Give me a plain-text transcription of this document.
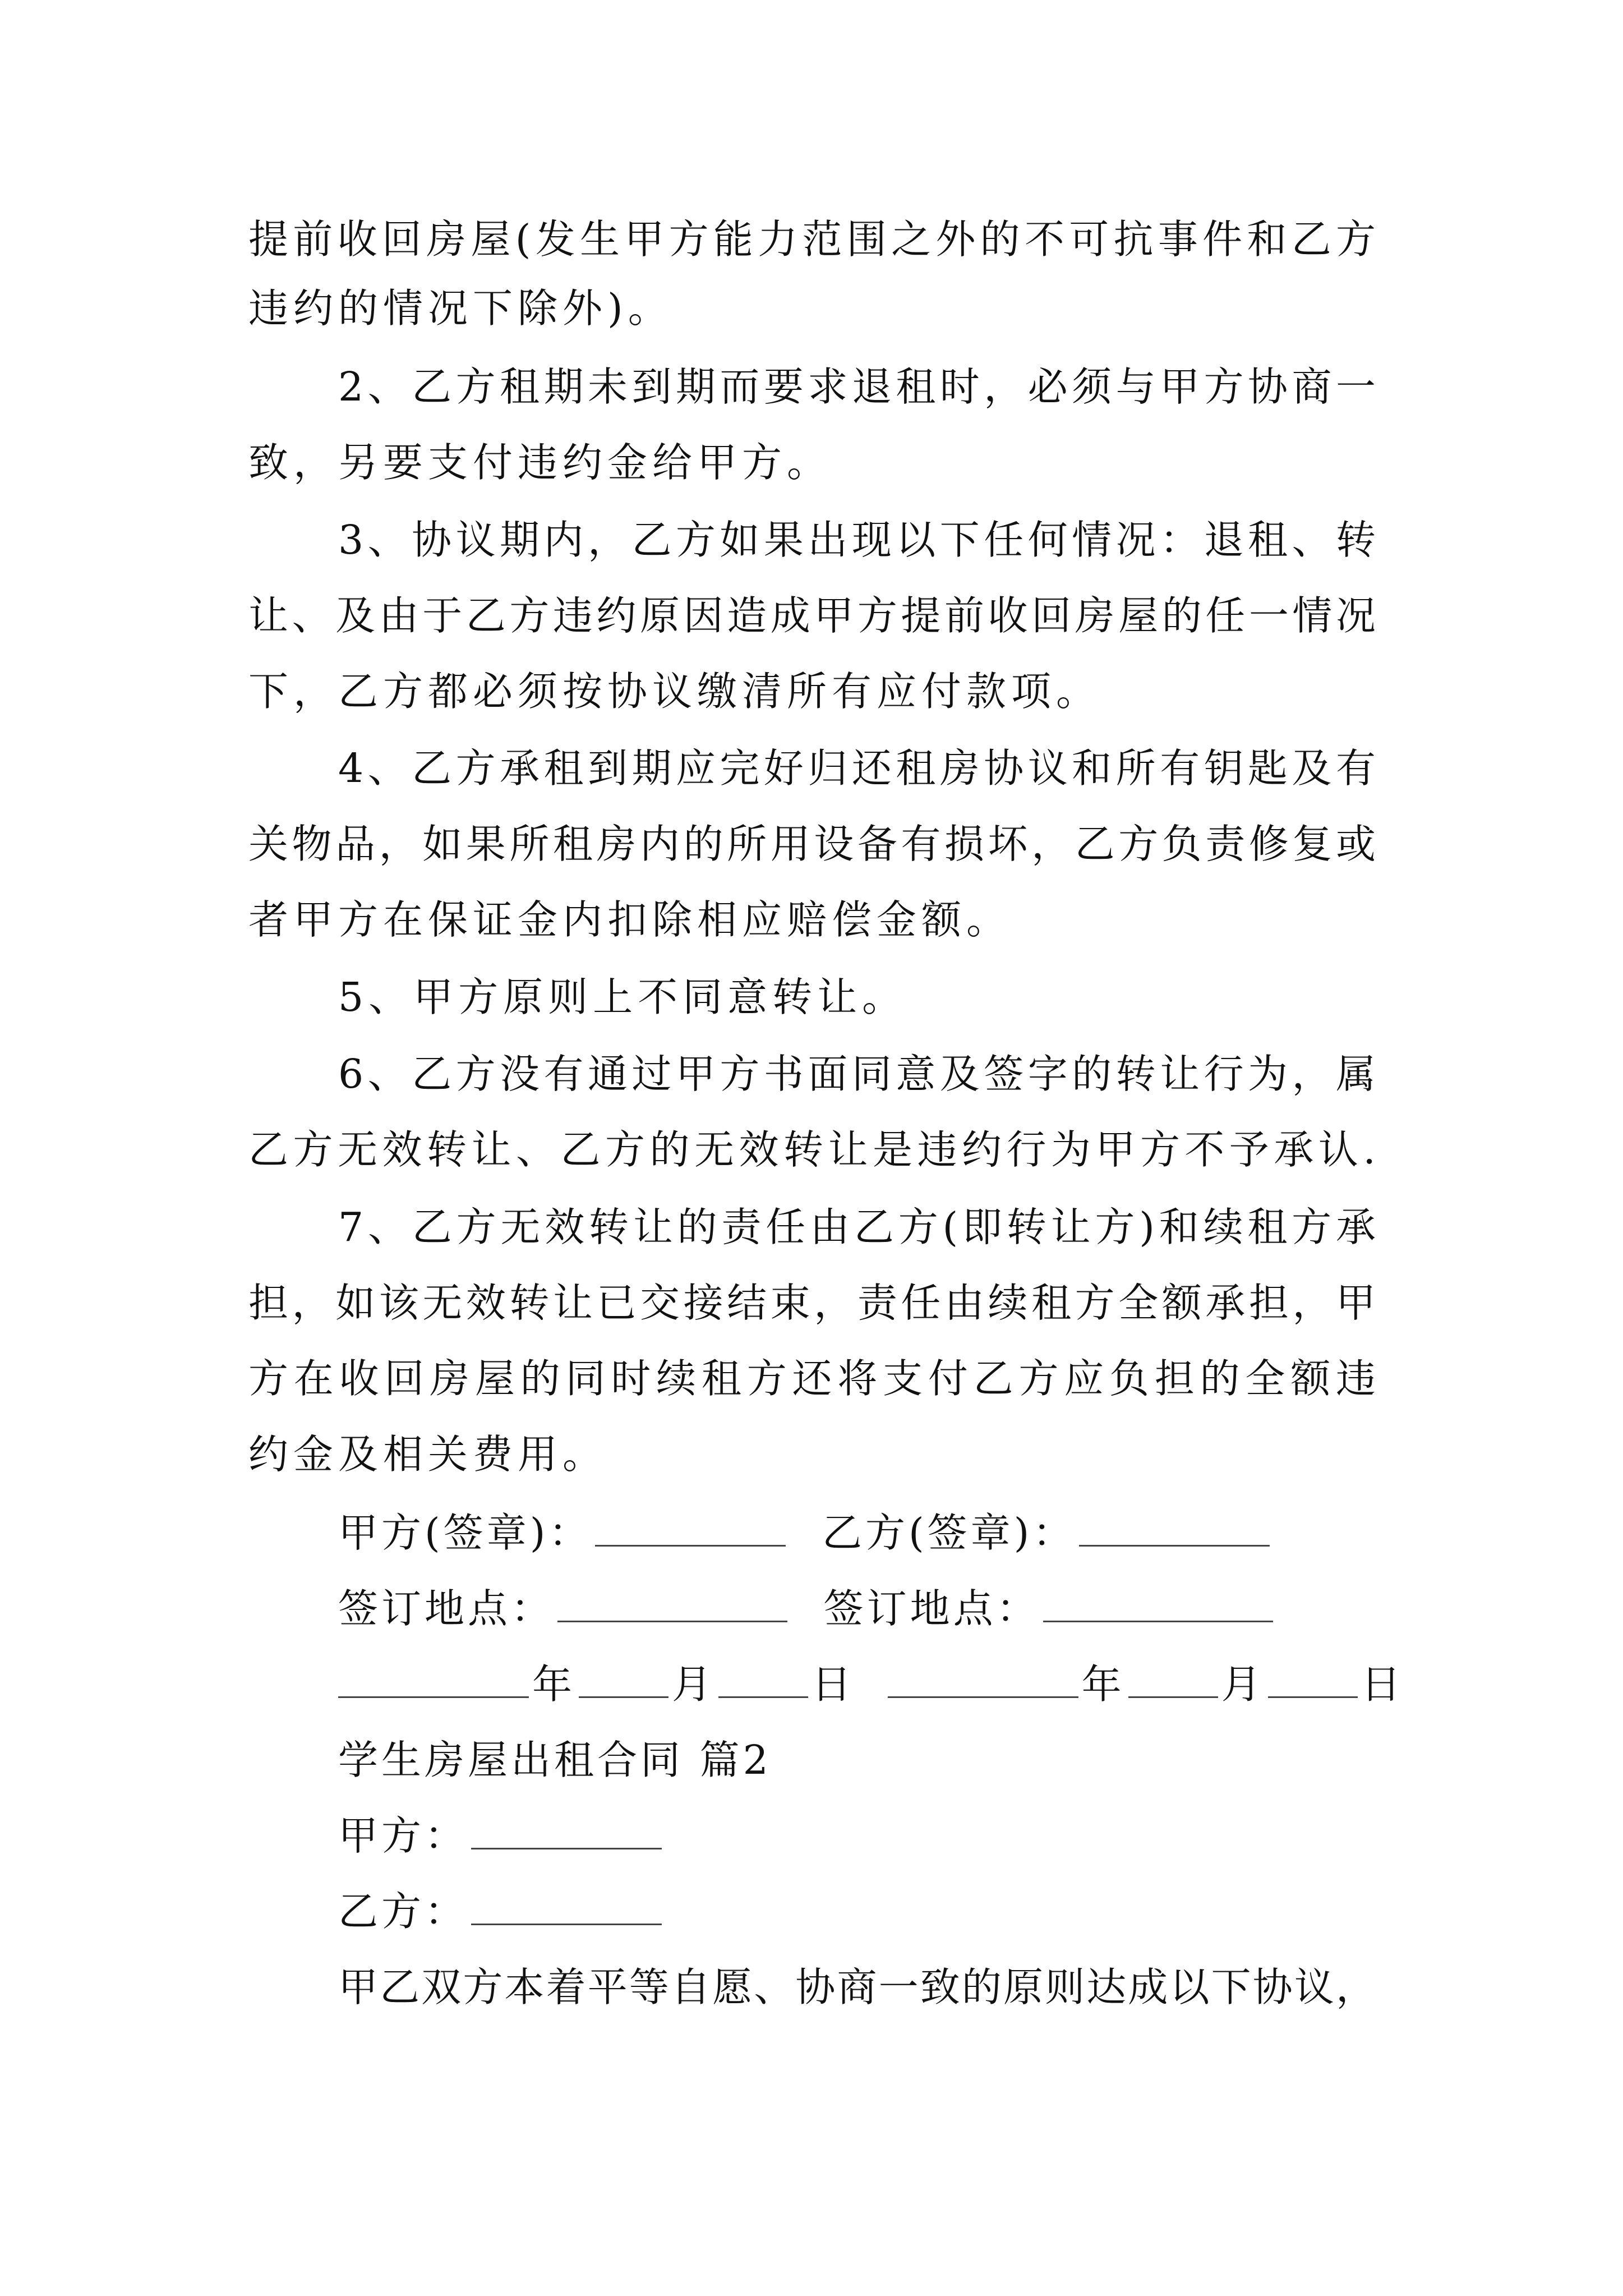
提前收回房屋(发生甲方能力范围之外的不可抗事件和乙方
违约的情况下除外)。
2、乙方租期未到期而要求退租时，必须与甲方协商一
致，另要支付违约金给甲方。
3、协议期内，乙方如果出现以下任何情况：退租、转
让、及由于乙方违约原因造成甲方提前收回房屋的任一情况
下，乙方都必须按协议缴清所有应付款项。
4、乙方承租到期应完好归还租房协议和所有钥匙及有
关物品，如果所租房内的所用设备有损坏，乙方负责修复或
者甲方在保证金内扣除相应赔偿金额。
5、甲方原则上不同意转让。
6、乙方没有通过甲方书面同意及签字的转让行为，属
乙方无效转让、乙方的无效转让是违约行为甲方不予承认.
7、乙方无效转让的责任由乙方(即转让方)和续租方承
担，如该无效转让已交接结束，责任由续租方全额承担，甲
方在收回房屋的同时续租方还将支付乙方应负担的全额违
约金及相关费用。
甲方(签章)：	乙方(签章)：
签订地点：	签订地点：
年 月 日	年 月 日
学生房屋出租合同 篇2
甲方：
乙方：
甲乙双方本着平等自愿、协商一致的原则达成以下协议，
